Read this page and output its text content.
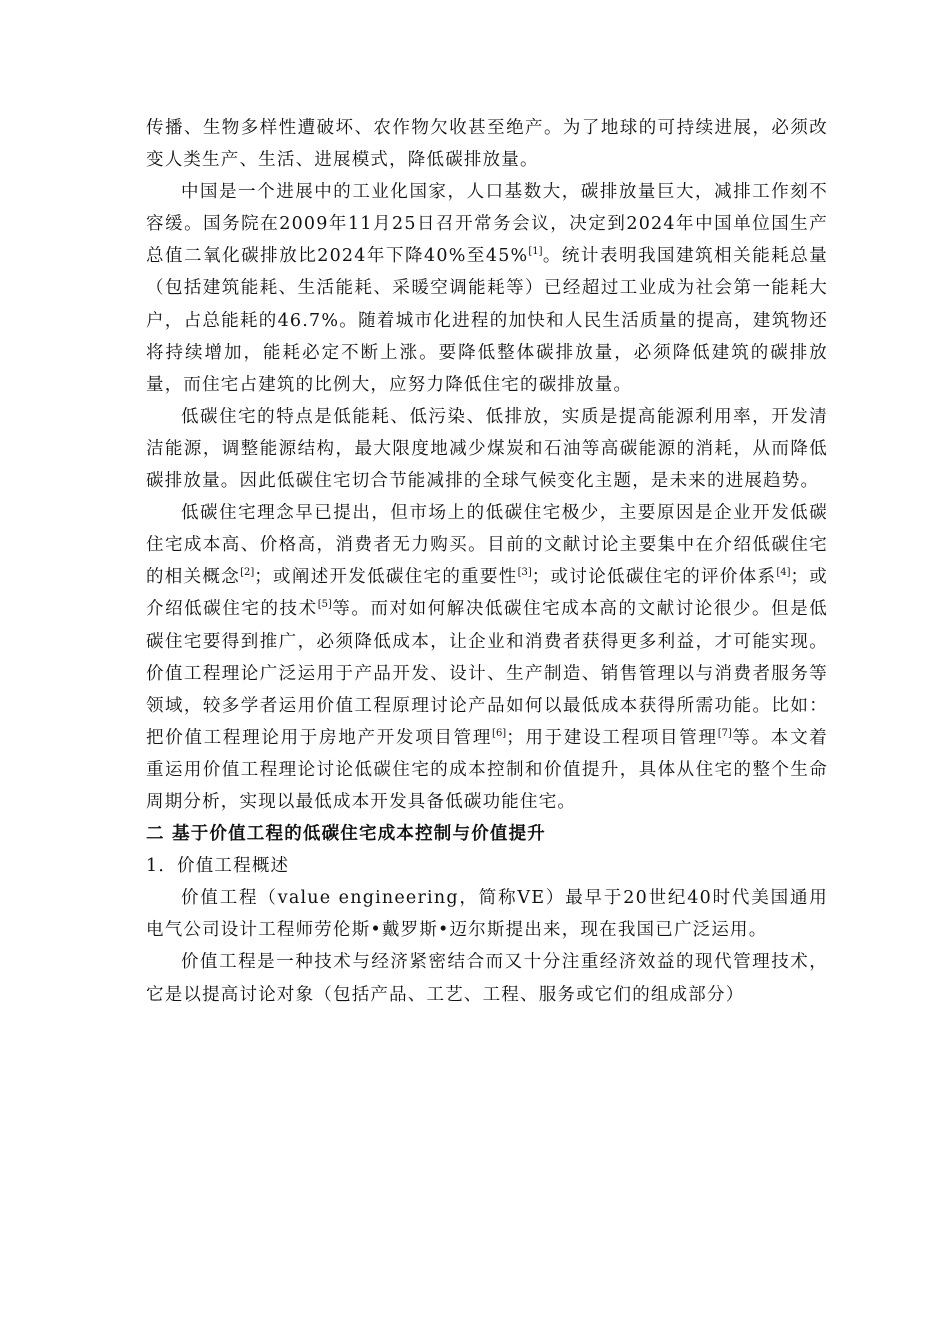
传播、生物多样性遭破坏、农作物欠收甚至绝产。为了地球的可持续进展，必须改变人类生产、生活、进展模式，降低碳排放量。

中国是一个进展中的工业化国家，人口基数大，碳排放量巨大，减排工作刻不容缓。国务院在2009年11月25日召开常务会议，决定到2024年中国单位国生产总值二氧化碳排放比2024年下降40%至45%[1]。统计表明我国建筑相关能耗总量（包括建筑能耗、生活能耗、采暖空调能耗等）已经超过工业成为社会第一能耗大户，占总能耗的46.7%。随着城市化进程的加快和人民生活质量的提高，建筑物还将持续增加，能耗必定不断上涨。要降低整体碳排放量，必须降低建筑的碳排放量，而住宅占建筑的比例大，应努力降低住宅的碳排放量。

低碳住宅的特点是低能耗、低污染、低排放，实质是提高能源利用率，开发清洁能源，调整能源结构，最大限度地减少煤炭和石油等高碳能源的消耗，从而降低碳排放量。因此低碳住宅切合节能减排的全球气候变化主题，是未来的进展趋势。

低碳住宅理念早已提出，但市场上的低碳住宅极少，主要原因是企业开发低碳住宅成本高、价格高，消费者无力购买。目前的文献讨论主要集中在介绍低碳住宅的相关概念[2]；或阐述开发低碳住宅的重要性[3]；或讨论低碳住宅的评价体系[4]；或介绍低碳住宅的技术[5]等。而对如何解决低碳住宅成本高的文献讨论很少。但是低碳住宅要得到推广，必须降低成本，让企业和消费者获得更多利益，才可能实现。价值工程理论广泛运用于产品开发、设计、生产制造、销售管理以与消费者服务等领域，较多学者运用价值工程原理讨论产品如何以最低成本获得所需功能。比如：把价值工程理论用于房地产开发项目管理[6]；用于建设工程项目管理[7]等。本文着重运用价值工程理论讨论低碳住宅的成本控制和价值提升，具体从住宅的整个生命周期分析，实现以最低成本开发具备低碳功能住宅。

二 基于价值工程的低碳住宅成本控制与价值提升

1．价值工程概述

价值工程（value engineering，简称VE）最早于20世纪40时代美国通用电气公司设计工程师劳伦斯•戴罗斯•迈尔斯提出来，现在我国已广泛运用。

价值工程是一种技术与经济紧密结合而又十分注重经济效益的现代管理技术，它是以提高讨论对象（包括产品、工艺、工程、服务或它们的组成部分）
